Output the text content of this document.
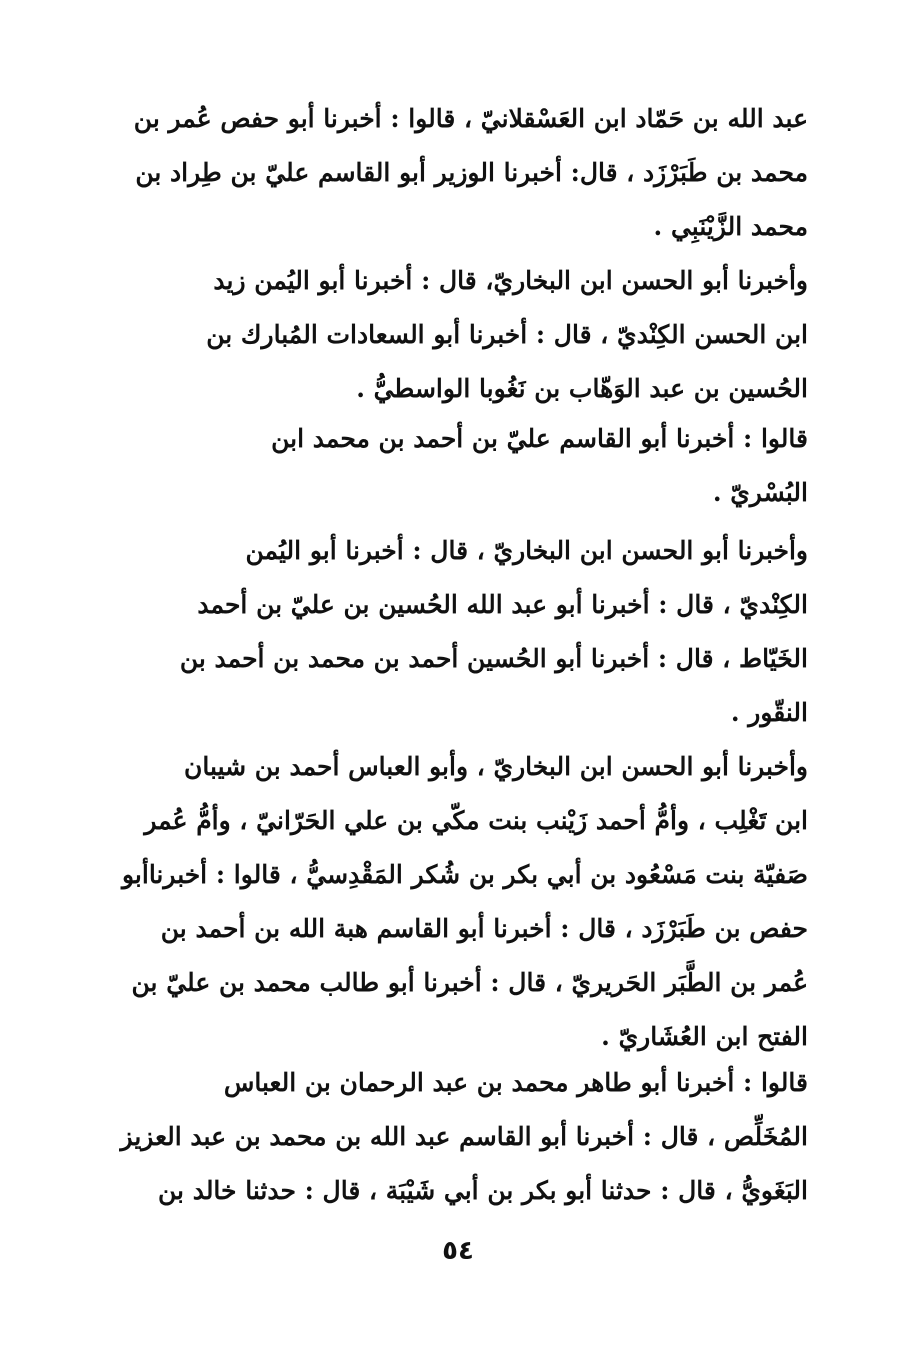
عبد الله بن حَمّاد ابن العَسْقلانيّ ، قالوا : أخبرنا أبو حفص عُمر بن
محمد بن طَبَرْزَد ، قال: أخبرنا الوزير أبو القاسم عليّ بن طِراد بن
محمد الزَّيْنَبِي .
وأخبرنا أبو الحسن ابن البخاريّ، قال : أخبرنا أبو اليُمن زيد
ابن الحسن الكِنْديّ ، قال : أخبرنا أبو السعادات المُبارك بن
الحُسين بن عبد الوَهّاب بن نَغُوبا الواسطيُّ .
قالوا : أخبرنا أبو القاسم عليّ بن أحمد بن محمد ابن
البُسْريّ .
وأخبرنا أبو الحسن ابن البخاريّ ، قال : أخبرنا أبو اليُمن
الكِنْديّ ، قال : أخبرنا أبو عبد الله الحُسين بن عليّ بن أحمد
الخَيّاط ، قال : أخبرنا أبو الحُسين أحمد بن محمد بن أحمد بن
النقّور .
وأخبرنا أبو الحسن ابن البخاريّ ، وأبو العباس أحمد بن شيبان
ابن تَغْلِب ، وأمُّ أحمد زَيْنب بنت مكّي بن علي الحَرّانيّ ، وأمُّ عُمر
صَفيّة بنت مَسْعُود بن أبي بكر بن شُكر المَقْدِسيُّ ، قالوا : أخبرناأبو
حفص بن طَبَرْزَد ، قال : أخبرنا أبو القاسم هبة الله بن أحمد بن
عُمر بن الطَّبَر الحَريريّ ، قال : أخبرنا أبو طالب محمد بن عليّ بن
الفتح ابن العُشَاريّ .
قالوا : أخبرنا أبو طاهر محمد بن عبد الرحمان بن العباس
المُخَلِّص ، قال : أخبرنا أبو القاسم عبد الله بن محمد بن عبد العزيز
البَغَويُّ ، قال : حدثنا أبو بكر بن أبي شَيْبَة ، قال : حدثنا خالد بن
٥٤
